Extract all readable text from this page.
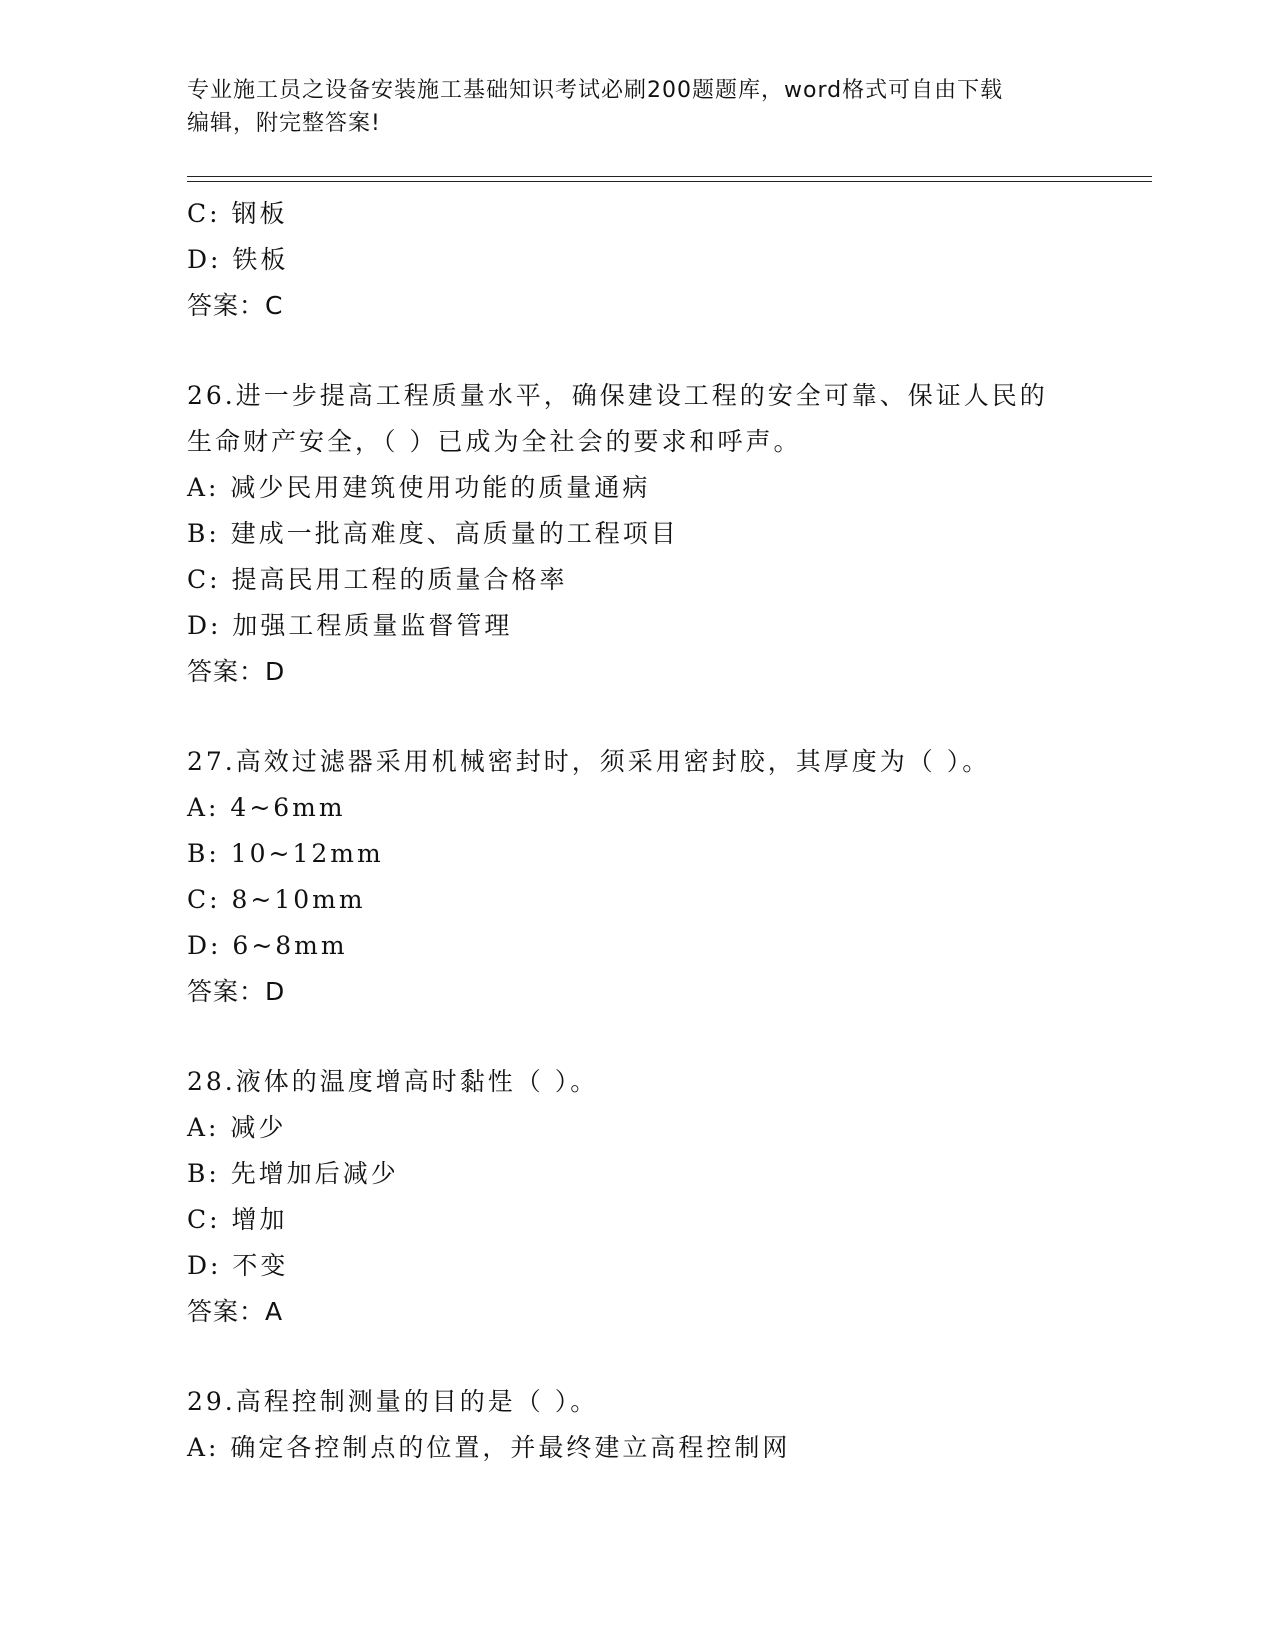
专业施工员之设备安装施工基础知识考试必刷200题题库，word格式可自由下载
编辑，附完整答案!
C: 钢板
D: 铁板
答案：C
26.进一步提高工程质量水平，确保建设工程的安全可靠、保证人民的
生命财产安全，（ ）已成为全社会的要求和呼声。
A: 减少民用建筑使用功能的质量通病
B: 建成一批高难度、高质量的工程项目
C: 提高民用工程的质量合格率
D: 加强工程质量监督管理
答案：D
27.高效过滤器采用机械密封时，须采用密封胶，其厚度为（ ）。
A: 4~6mm
B: 10~12mm
C: 8~10mm
D: 6~8mm
答案：D
28.液体的温度增高时黏性（ ）。
A: 减少
B: 先增加后减少
C: 增加
D: 不变
答案：A
29.高程控制测量的目的是（ ）。
A: 确定各控制点的位置，并最终建立高程控制网
